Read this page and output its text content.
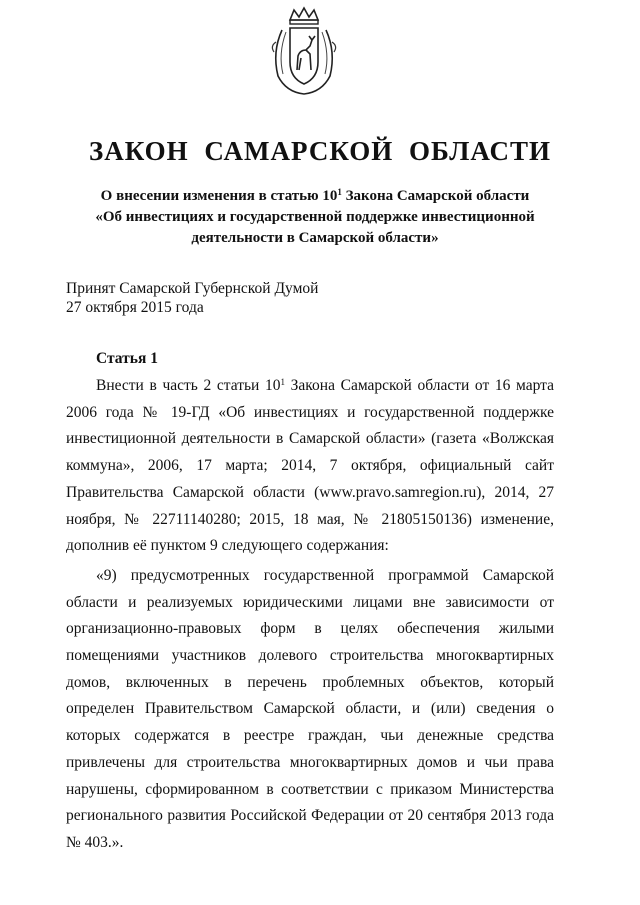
ЗАКОН САМАРСКОЙ ОБЛАСТИ

О внесении изменения в статью $10^1$ Закона Самарской области

«Об инвестициях и государственной поддержке инвестиционной

деятельности в Самарской области»

Принят Самарской Губернской Думой

27 октября 2015 года

Статья 1

Внести в часть 2 статьи $10^1$ Закона Самарской области от 16 марта 2006 года № 19-ГД «Об инвестициях и государственной поддержке инвестиционной деятельности в Самарской области» (газета «Волжская коммуна», 2006, 17 марта; 2014, 7 октября, официальный сайт Правительства Самарской области (www.pravo.samregion.ru), 2014, 27 ноября, № 22711140280; 2015, 18 мая, № 21805150136) изменение, дополнив её пунктом 9 следующего содержания:

«9) предусмотренных государственной программой Самарской области и реализуемых юридическими лицами вне зависимости от организационно-правовых форм в целях обеспечения жилыми помещениями участников долевого строительства многоквартирных домов, включенных в перечень проблемных объектов, который определен Правительством Самарской области, и (или) сведения о которых содержатся в реестре граждан, чьи денежные средства привлечены для строительства многоквартирных домов и чьи права нарушены, сформированном в соответствии с приказом Министерства регионального развития Российской Федерации от 20 сентября 2013 года № 403.».
